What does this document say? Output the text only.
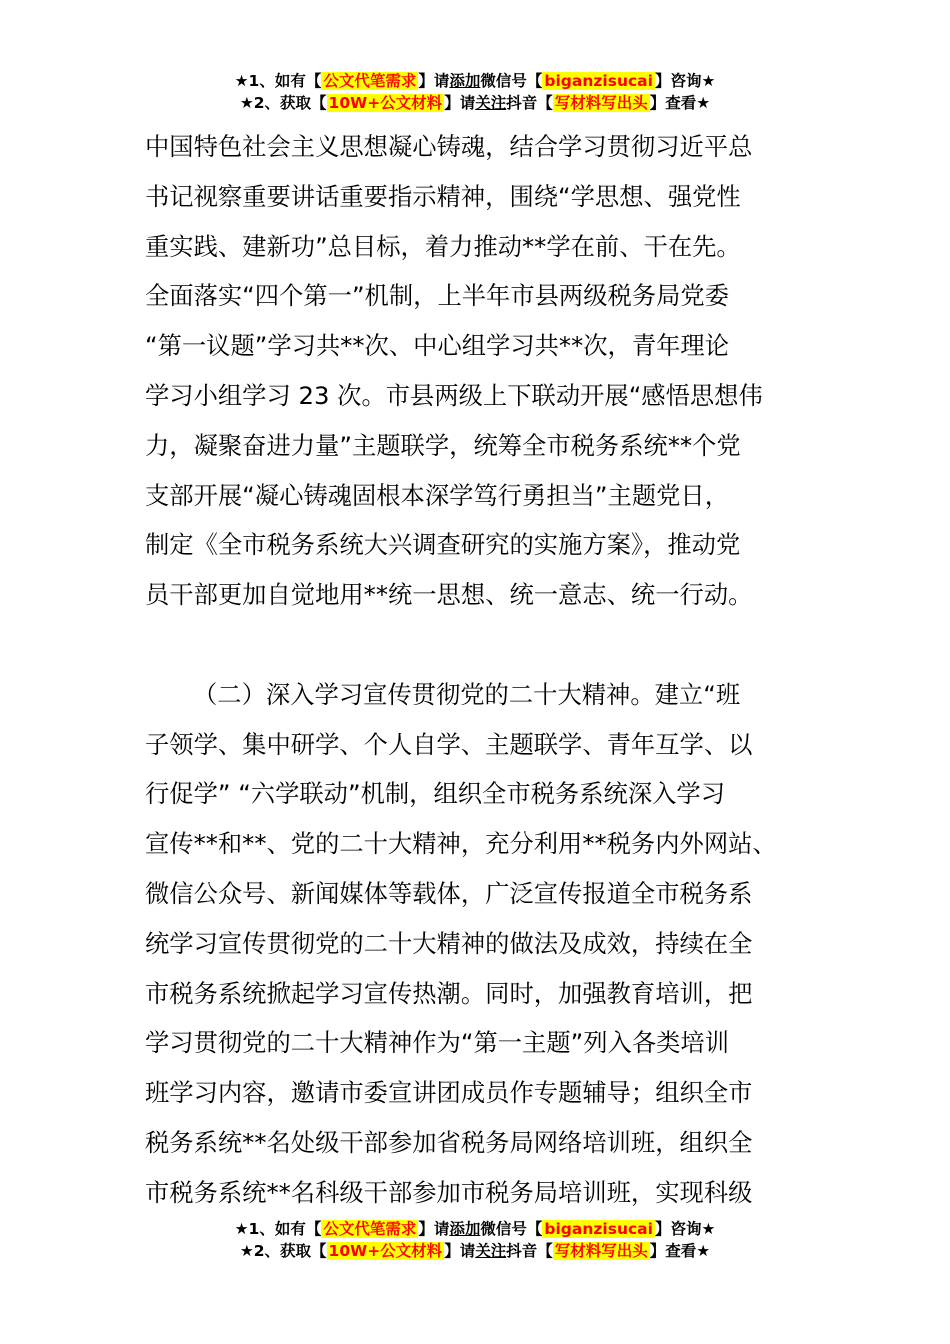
★1、如有【 公文代笔需求 】请添加微信号【 biganzisucai 】咨询★
★2、获取【 10W+公文材料 】请关注抖音【 写材料写出头 】查看★
中国特色社会主义思想凝心铸魂，结合学习贯彻习近平总
书记视察重要讲话重要指示精神，围绕“学思想、强党性
重实践、建新功”总目标，着力推动**学在前、干在先。
全面落实“四个第一”机制，上半年市县两级税务局党委
“第一议题”学习共**次、中心组学习共**次，青年理论
学习小组学习 23 次。市县两级上下联动开展“感悟思想伟
力，凝聚奋进力量”主题联学，统筹全市税务系统**个党
支部开展“凝心铸魂固根本深学笃行勇担当”主题党日，
制定《全市税务系统大兴调查研究的实施方案》，推动党
员干部更加自觉地用**统一思想、统一意志、统一行动。
（二）深入学习宣传贯彻党的二十大精神。建立“班
子领学、集中研学、个人自学、主题联学、青年互学、以
行促学” “六学联动”机制，组织全市税务系统深入学习
宣传**和**、党的二十大精神，充分利用**税务内外网站、
微信公众号、新闻媒体等载体，广泛宣传报道全市税务系
统学习宣传贯彻党的二十大精神的做法及成效，持续在全
市税务系统掀起学习宣传热潮。同时，加强教育培训，把
学习贯彻党的二十大精神作为“第一主题”列入各类培训
班学习内容，邀请市委宣讲团成员作专题辅导；组织全市
税务系统**名处级干部参加省税务局网络培训班，组织全
市税务系统**名科级干部参加市税务局培训班，实现科级
★1、如有【 公文代笔需求 】请添加微信号【 biganzisucai 】咨询★
★2、获取【 10W+公文材料 】请关注抖音【 写材料写出头 】查看★
